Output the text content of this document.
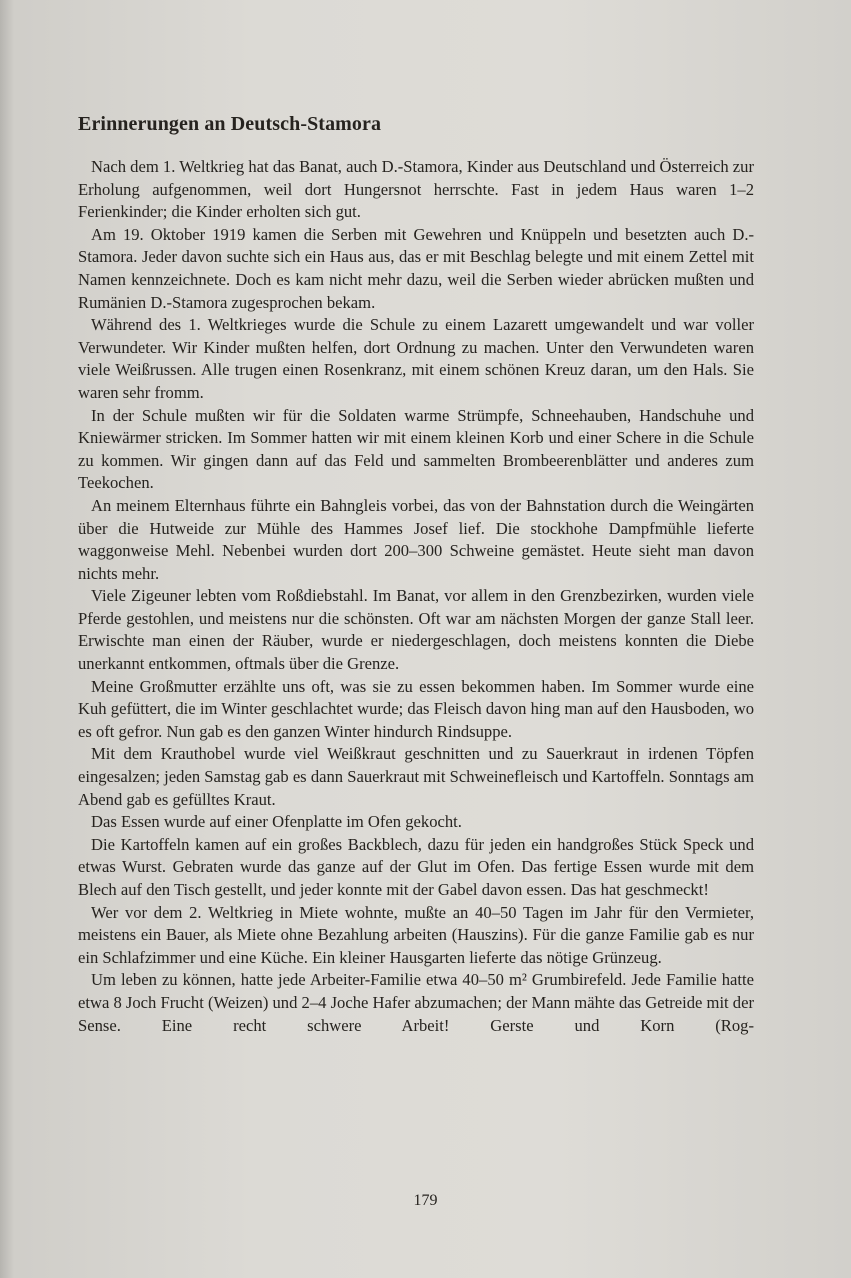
Erinnerungen an Deutsch-Stamora

Nach dem 1. Weltkrieg hat das Banat, auch D.-Stamora, Kinder aus Deutschland und Österreich zur Erholung aufgenommen, weil dort Hungersnot herrschte. Fast in jedem Haus waren 1–2 Ferienkinder; die Kinder erholten sich gut.

Am 19. Oktober 1919 kamen die Serben mit Gewehren und Knüppeln und besetzten auch D.-Stamora. Jeder davon suchte sich ein Haus aus, das er mit Beschlag belegte und mit einem Zettel mit Namen kennzeichnete. Doch es kam nicht mehr dazu, weil die Serben wieder abrücken mußten und Rumänien D.-Stamora zugesprochen bekam.

Während des 1. Weltkrieges wurde die Schule zu einem Lazarett umgewandelt und war voller Verwundeter. Wir Kinder mußten helfen, dort Ordnung zu machen. Unter den Verwundeten waren viele Weißrussen. Alle trugen einen Rosenkranz, mit einem schönen Kreuz daran, um den Hals. Sie waren sehr fromm.

In der Schule mußten wir für die Soldaten warme Strümpfe, Schneehauben, Handschuhe und Kniewärmer stricken. Im Sommer hatten wir mit einem kleinen Korb und einer Schere in die Schule zu kommen. Wir gingen dann auf das Feld und sammelten Brombeerenblätter und anderes zum Teekochen.

An meinem Elternhaus führte ein Bahngleis vorbei, das von der Bahnstation durch die Weingärten über die Hutweide zur Mühle des Hammes Josef lief. Die stockhohe Dampfmühle lieferte waggonweise Mehl. Nebenbei wurden dort 200–300 Schweine gemästet. Heute sieht man davon nichts mehr.

Viele Zigeuner lebten vom Roßdiebstahl. Im Banat, vor allem in den Grenzbezirken, wurden viele Pferde gestohlen, und meistens nur die schönsten. Oft war am nächsten Morgen der ganze Stall leer. Erwischte man einen der Räuber, wurde er niedergeschlagen, doch meistens konnten die Diebe unerkannt entkommen, oftmals über die Grenze.

Meine Großmutter erzählte uns oft, was sie zu essen bekommen haben. Im Sommer wurde eine Kuh gefüttert, die im Winter geschlachtet wurde; das Fleisch davon hing man auf den Hausboden, wo es oft gefror. Nun gab es den ganzen Winter hindurch Rindsuppe.

Mit dem Krauthobel wurde viel Weißkraut geschnitten und zu Sauerkraut in irdenen Töpfen eingesalzen; jeden Samstag gab es dann Sauerkraut mit Schweinefleisch und Kartoffeln. Sonntags am Abend gab es gefülltes Kraut.

Das Essen wurde auf einer Ofenplatte im Ofen gekocht.

Die Kartoffeln kamen auf ein großes Backblech, dazu für jeden ein handgroßes Stück Speck und etwas Wurst. Gebraten wurde das ganze auf der Glut im Ofen. Das fertige Essen wurde mit dem Blech auf den Tisch gestellt, und jeder konnte mit der Gabel davon essen. Das hat geschmeckt!

Wer vor dem 2. Weltkrieg in Miete wohnte, mußte an 40–50 Tagen im Jahr für den Vermieter, meistens ein Bauer, als Miete ohne Bezahlung arbeiten (Hauszins). Für die ganze Familie gab es nur ein Schlafzimmer und eine Küche. Ein kleiner Hausgarten lieferte das nötige Grünzeug.

Um leben zu können, hatte jede Arbeiter-Familie etwa 40–50 m² Grumbirefeld. Jede Familie hatte etwa 8 Joch Frucht (Weizen) und 2–4 Joche Hafer abzumachen; der Mann mähte das Getreide mit der Sense. Eine recht schwere Arbeit! Gerste und Korn (Rog-

179
